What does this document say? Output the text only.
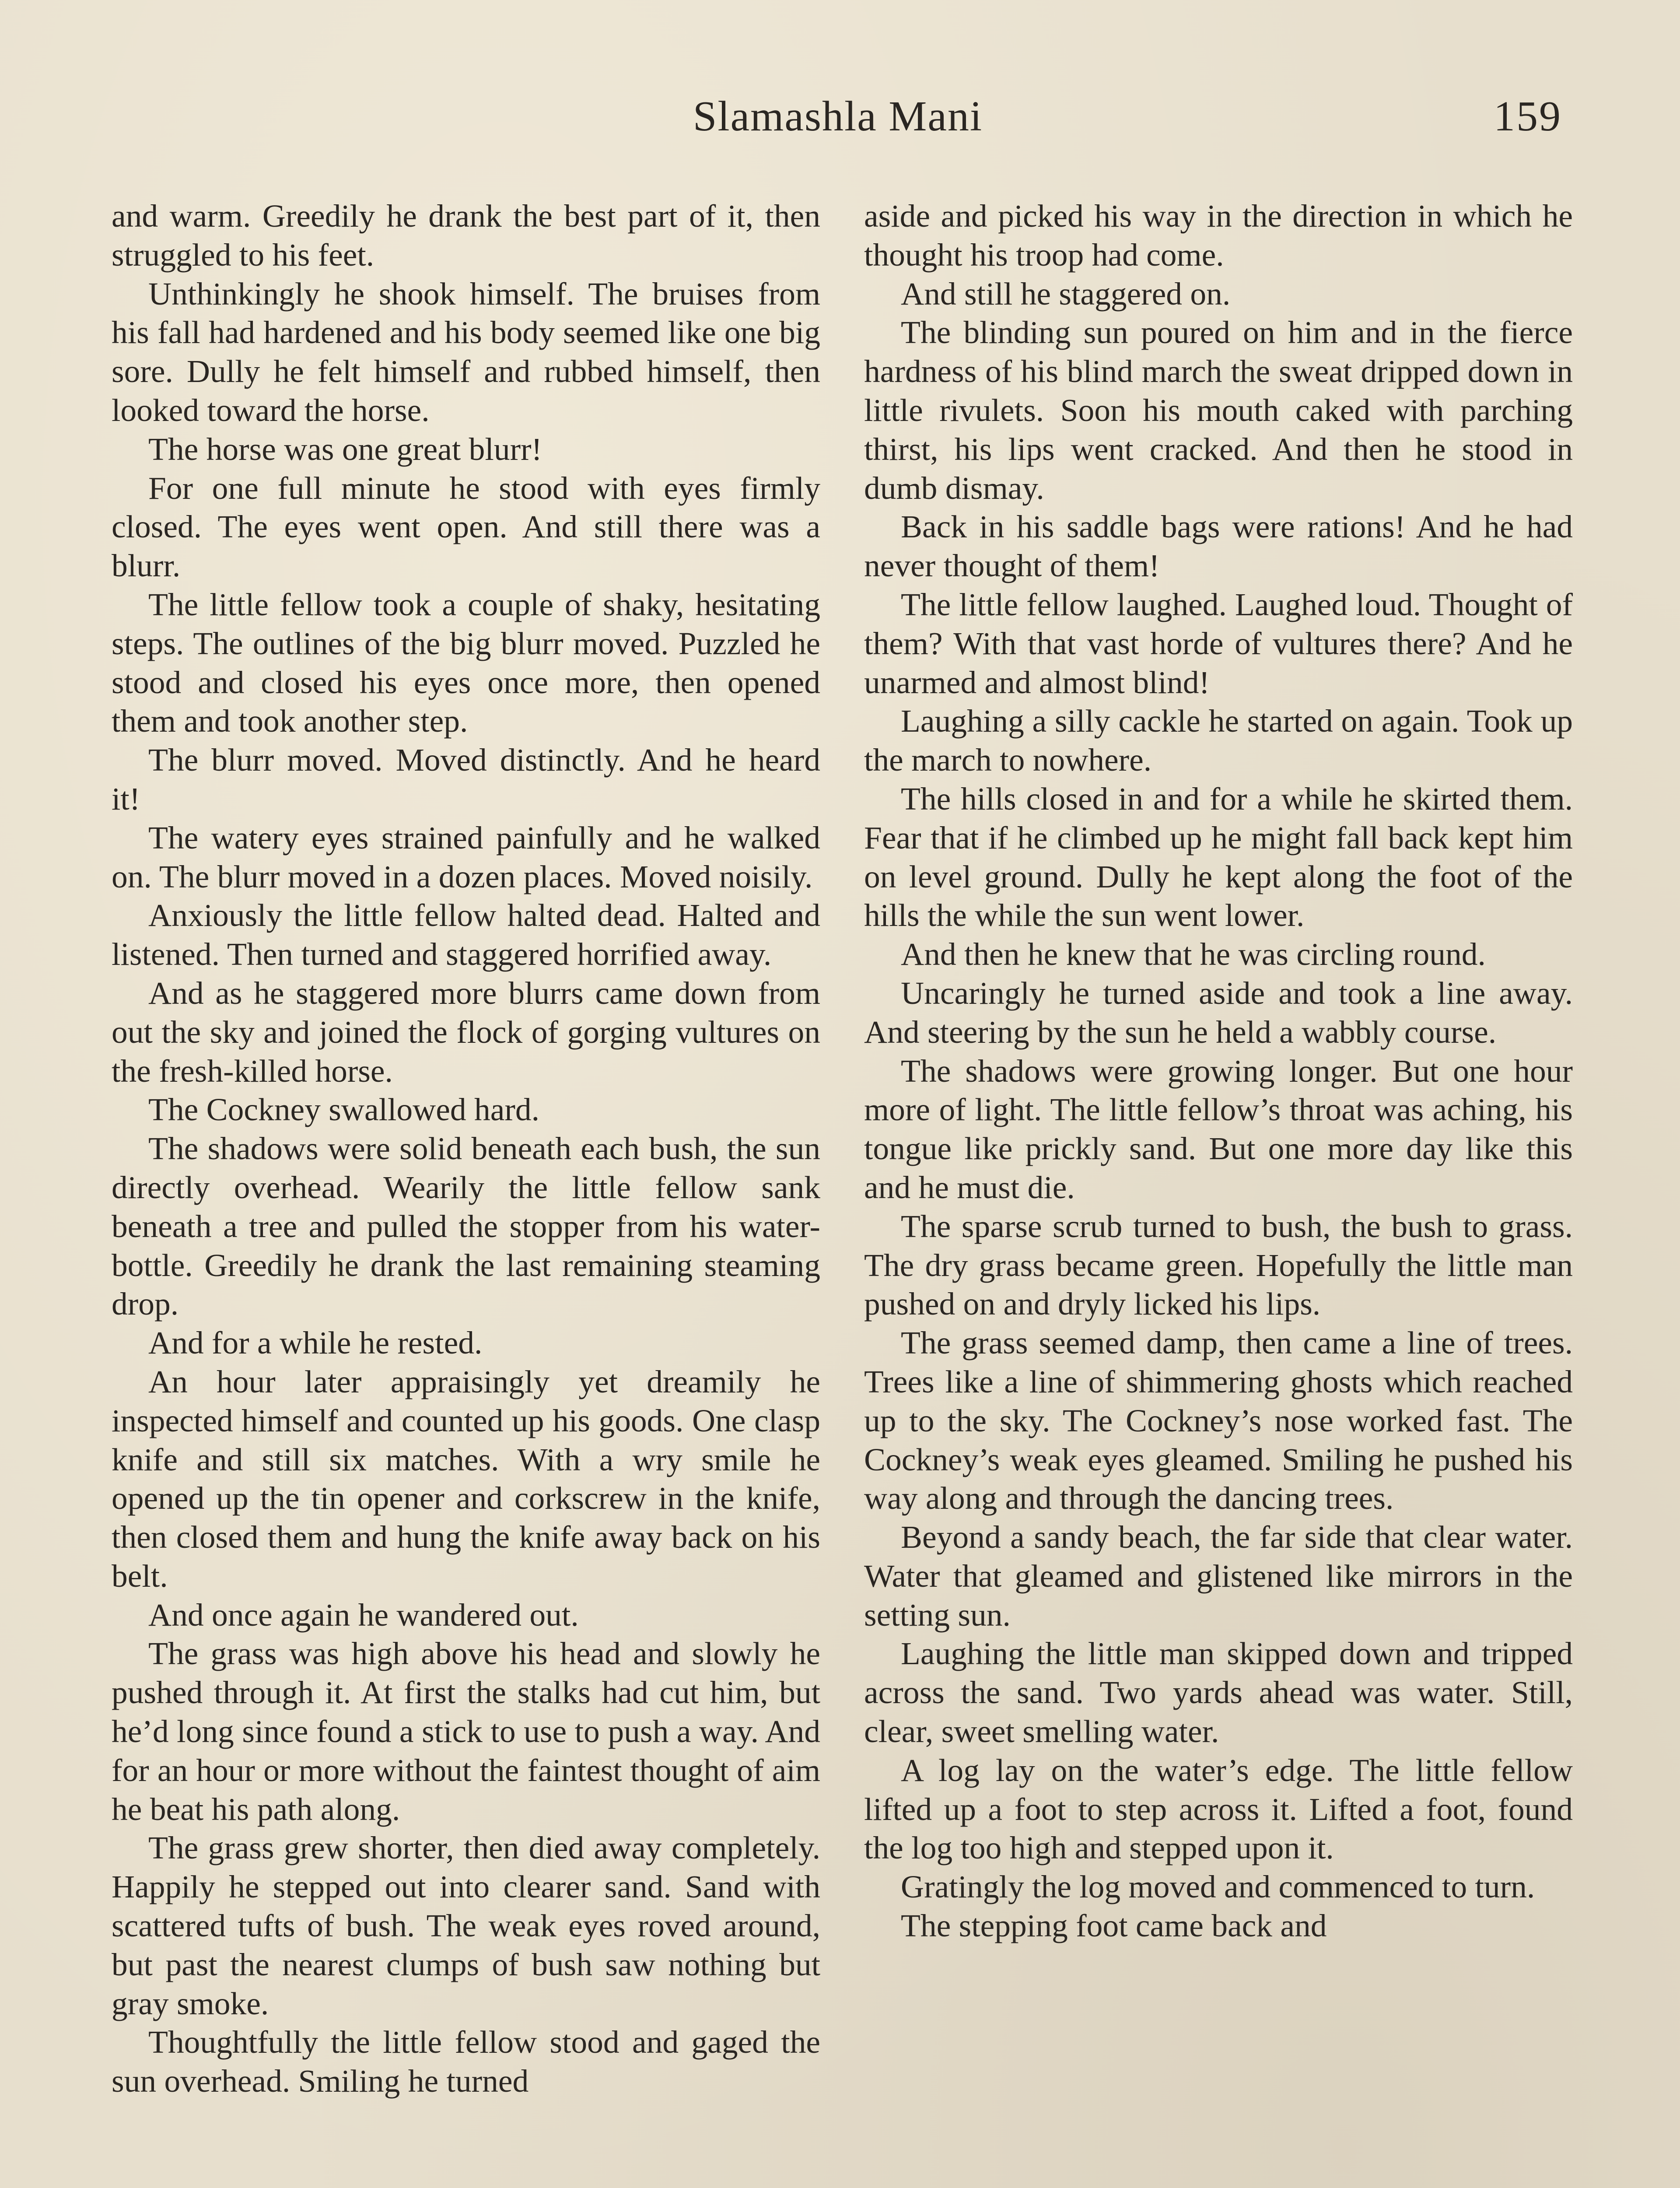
Slamashla Mani	159

and warm. Greedily he drank the best part of it, then struggled to his feet.

Unthinkingly he shook himself. The bruises from his fall had hardened and his body seemed like one big sore. Dully he felt himself and rubbed himself, then looked toward the horse.

The horse was one great blurr!

For one full minute he stood with eyes firmly closed. The eyes went open. And still there was a blurr.

The little fellow took a couple of shaky, hesitating steps. The outlines of the big blurr moved. Puzzled he stood and closed his eyes once more, then opened them and took another step.

The blurr moved. Moved distinctly. And he heard it!

The watery eyes strained painfully and he walked on. The blurr moved in a dozen places. Moved noisily.

Anxiously the little fellow halted dead. Halted and listened. Then turned and staggered horrified away.

And as he staggered more blurrs came down from out the sky and joined the flock of gorging vultures on the fresh-killed horse.

The Cockney swallowed hard.

The shadows were solid beneath each bush, the sun directly overhead. Wearily the little fellow sank beneath a tree and pulled the stopper from his water-bottle. Greedily he drank the last remaining steaming drop.

And for a while he rested.

An hour later appraisingly yet dreamily he inspected himself and counted up his goods. One clasp knife and still six matches. With a wry smile he opened up the tin opener and corkscrew in the knife, then closed them and hung the knife away back on his belt.

And once again he wandered out.

The grass was high above his head and slowly he pushed through it. At first the stalks had cut him, but he’d long since found a stick to use to push a way. And for an hour or more without the faintest thought of aim he beat his path along.

The grass grew shorter, then died away completely. Happily he stepped out into clearer sand. Sand with scattered tufts of bush. The weak eyes roved around, but past the nearest clumps of bush saw nothing but gray smoke.

Thoughtfully the little fellow stood and gaged the sun overhead. Smiling he turned

aside and picked his way in the direction in which he thought his troop had come.

And still he staggered on.

The blinding sun poured on him and in the fierce hardness of his blind march the sweat dripped down in little rivulets. Soon his mouth caked with parching thirst, his lips went cracked. And then he stood in dumb dismay.

Back in his saddle bags were rations! And he had never thought of them!

The little fellow laughed. Laughed loud. Thought of them? With that vast horde of vultures there? And he unarmed and almost blind!

Laughing a silly cackle he started on again. Took up the march to nowhere.

The hills closed in and for a while he skirted them. Fear that if he climbed up he might fall back kept him on level ground. Dully he kept along the foot of the hills the while the sun went lower.

And then he knew that he was circling round.

Uncaringly he turned aside and took a line away. And steering by the sun he held a wabbly course.

The shadows were growing longer. But one hour more of light. The little fellow’s throat was aching, his tongue like prickly sand. But one more day like this and he must die.

The sparse scrub turned to bush, the bush to grass. The dry grass became green. Hopefully the little man pushed on and dryly licked his lips.

The grass seemed damp, then came a line of trees. Trees like a line of shimmering ghosts which reached up to the sky. The Cockney’s nose worked fast. The Cockney’s weak eyes gleamed. Smiling he pushed his way along and through the dancing trees.

Beyond a sandy beach, the far side that clear water. Water that gleamed and glistened like mirrors in the setting sun.

Laughing the little man skipped down and tripped across the sand. Two yards ahead was water. Still, clear, sweet smelling water.

A log lay on the water’s edge. The little fellow lifted up a foot to step across it. Lifted a foot, found the log too high and stepped upon it.

Gratingly the log moved and commenced to turn.

The stepping foot came back and
